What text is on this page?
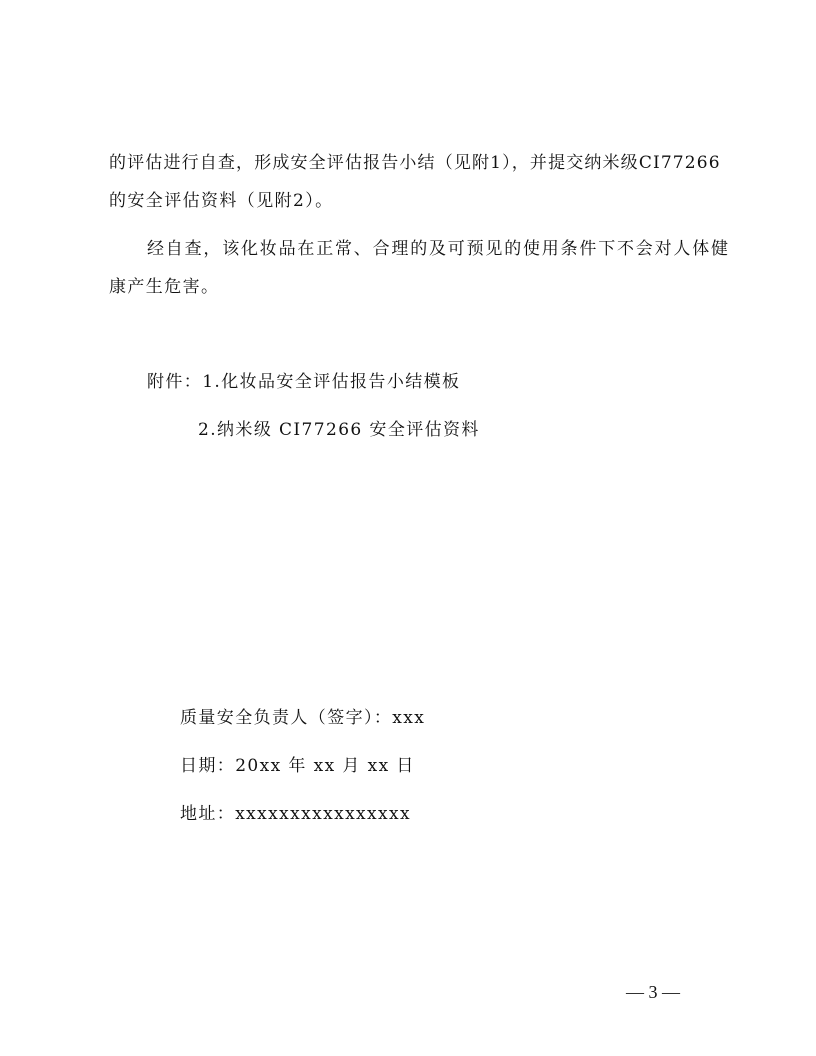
的评估进行自查，形成安全评估报告小结（见附1），并提交纳米级CI77266
的安全评估资料（见附2）。
经自查，该化妆品在正常、合理的及可预见的使用条件下不会对人体健
康产生危害。
附件：1.化妆品安全评估报告小结模板
2.纳米级 CI77266 安全评估资料
质量安全负责人（签字）：xxx
日期：20xx 年 xx 月 xx 日
地址：xxxxxxxxxxxxxxxx
— 3 —
